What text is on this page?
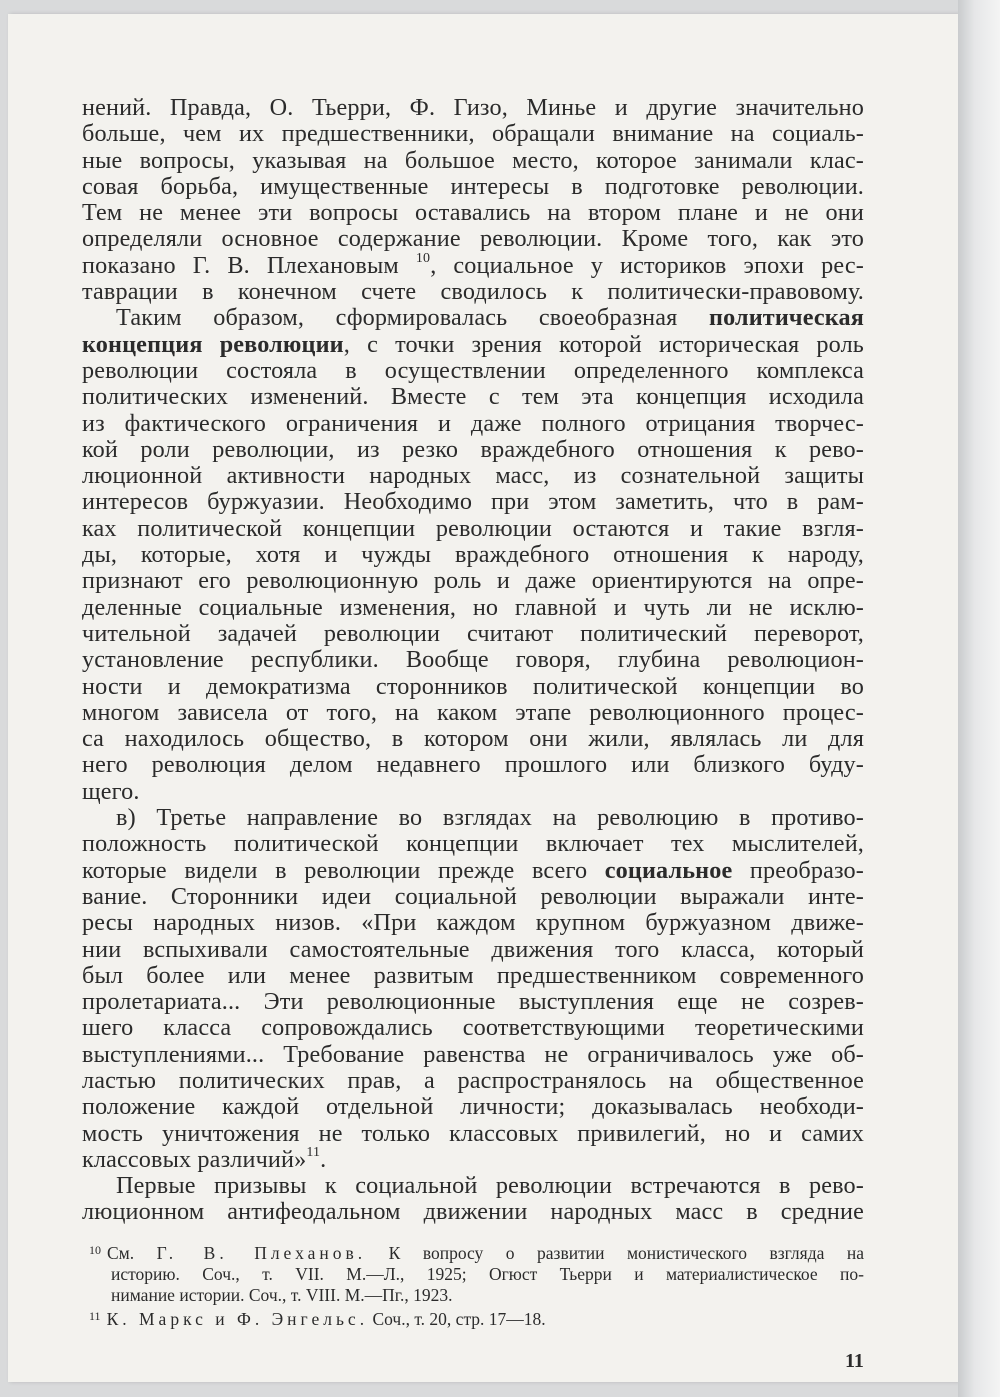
нений. Правда, О. Тьерри, Ф. Гизо, Минье и другие значительно
больше, чем их предшественники, обращали внимание на социаль-
ные вопросы, указывая на большое место, которое занимали клас-
совая борьба, имущественные интересы в подготовке революции.
Тем не менее эти вопросы оставались на втором плане и не они
определяли основное содержание революции. Кроме того, как это
показано Г. В. Плехановым $^{10}$, социальное у историков эпохи рес-
таврации в конечном счете сводилось к политически-правовому.

Таким образом, сформировалась своеобразная политическая
концепция революции, с точки зрения которой историческая роль
революции состояла в осуществлении определенного комплекса
политических изменений. Вместе с тем эта концепция исходила
из фактического ограничения и даже полного отрицания творчес-
кой роли революции, из резко враждебного отношения к рево-
люционной активности народных масс, из сознательной защиты
интересов буржуазии. Необходимо при этом заметить, что в рам-
ках политической концепции революции остаются и такие взгля-
ды, которые, хотя и чужды враждебного отношения к народу,
признают его революционную роль и даже ориентируются на опре-
деленные социальные изменения, но главной и чуть ли не исклю-
чительной задачей революции считают политический переворот,
установление республики. Вообще говоря, глубина революцион-
ности и демократизма сторонников политической концепции во
многом зависела от того, на каком этапе революционного процес-
са находилось общество, в котором они жили, являлась ли для
него революция делом недавнего прошлого или близкого буду-
щего.

в) Третье направление во взглядах на революцию в противо-
положность политической концепции включает тех мыслителей,
которые видели в революции прежде всего социальное преобразо-
вание. Сторонники идеи социальной революции выражали инте-
ресы народных низов. «При каждом крупном буржуазном движе-
нии вспыхивали самостоятельные движения того класса, который
был более или менее развитым предшественником современного
пролетариата... Эти революционные выступления еще не созрев-
шего класса сопровождались соответствующими теоретическими
выступлениями... Требование равенства не ограничивалось уже об-
ластью политических прав, а распространялось на общественное
положение каждой отдельной личности; доказывалась необходи-
мость уничтожения не только классовых привилегий, но и самих
классовых различий»$^{11}$.

Первые призывы к социальной революции встречаются в рево-
люционном антифеодальном движении народных масс в средние

$^{10}$ См. Г. В. Плеханов. К вопросу о развитии монистического взгляда на
историю. Соч., т. VII. М.—Л., 1925; Огюст Тьерри и материалистическое по-
нимание истории. Соч., т. VIII. М.—Пг., 1923.
$^{11}$ К. Маркс и Ф. Энгельс. Соч., т. 20, стр. 17—18.
11
